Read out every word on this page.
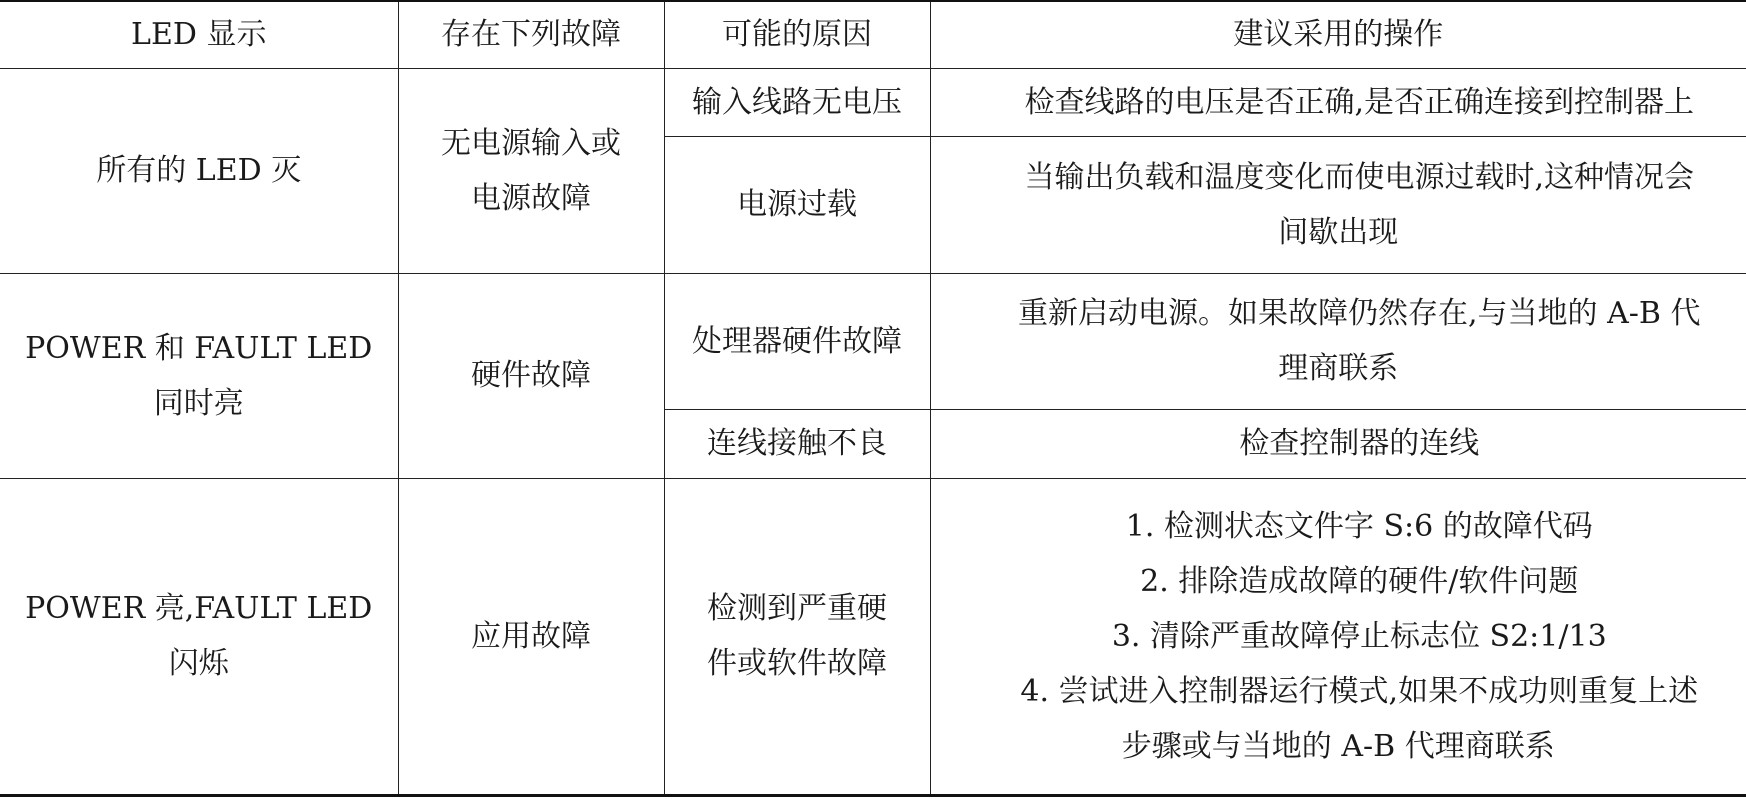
LED 显示	存在下列故障	可能的原因	建议采用的操作

所有的 LED 灭	无电源输入或
电源故障	输入线路无电压	检查线路的电压是否正确,是否正确连接到控制器上

		电源过载	当输出负载和温度变化而使电源过载时,这种情况会
间歇出现

POWER 和 FAULT LED
同时亮	硬件故障	处理器硬件故障	重新启动电源。如果故障仍然存在,与当地的 A-B 代
理商联系

		连线接触不良	检查控制器的连线

POWER 亮,FAULT LED
闪烁	应用故障	检测到严重硬
件或软件故障	1. 检测状态文件字 S:6 的故障代码
2. 排除造成故障的硬件/软件问题
3. 清除严重故障停止标志位 S2:1/13
4. 尝试进入控制器运行模式,如果不成功则重复上述
步骤或与当地的 A-B 代理商联系
